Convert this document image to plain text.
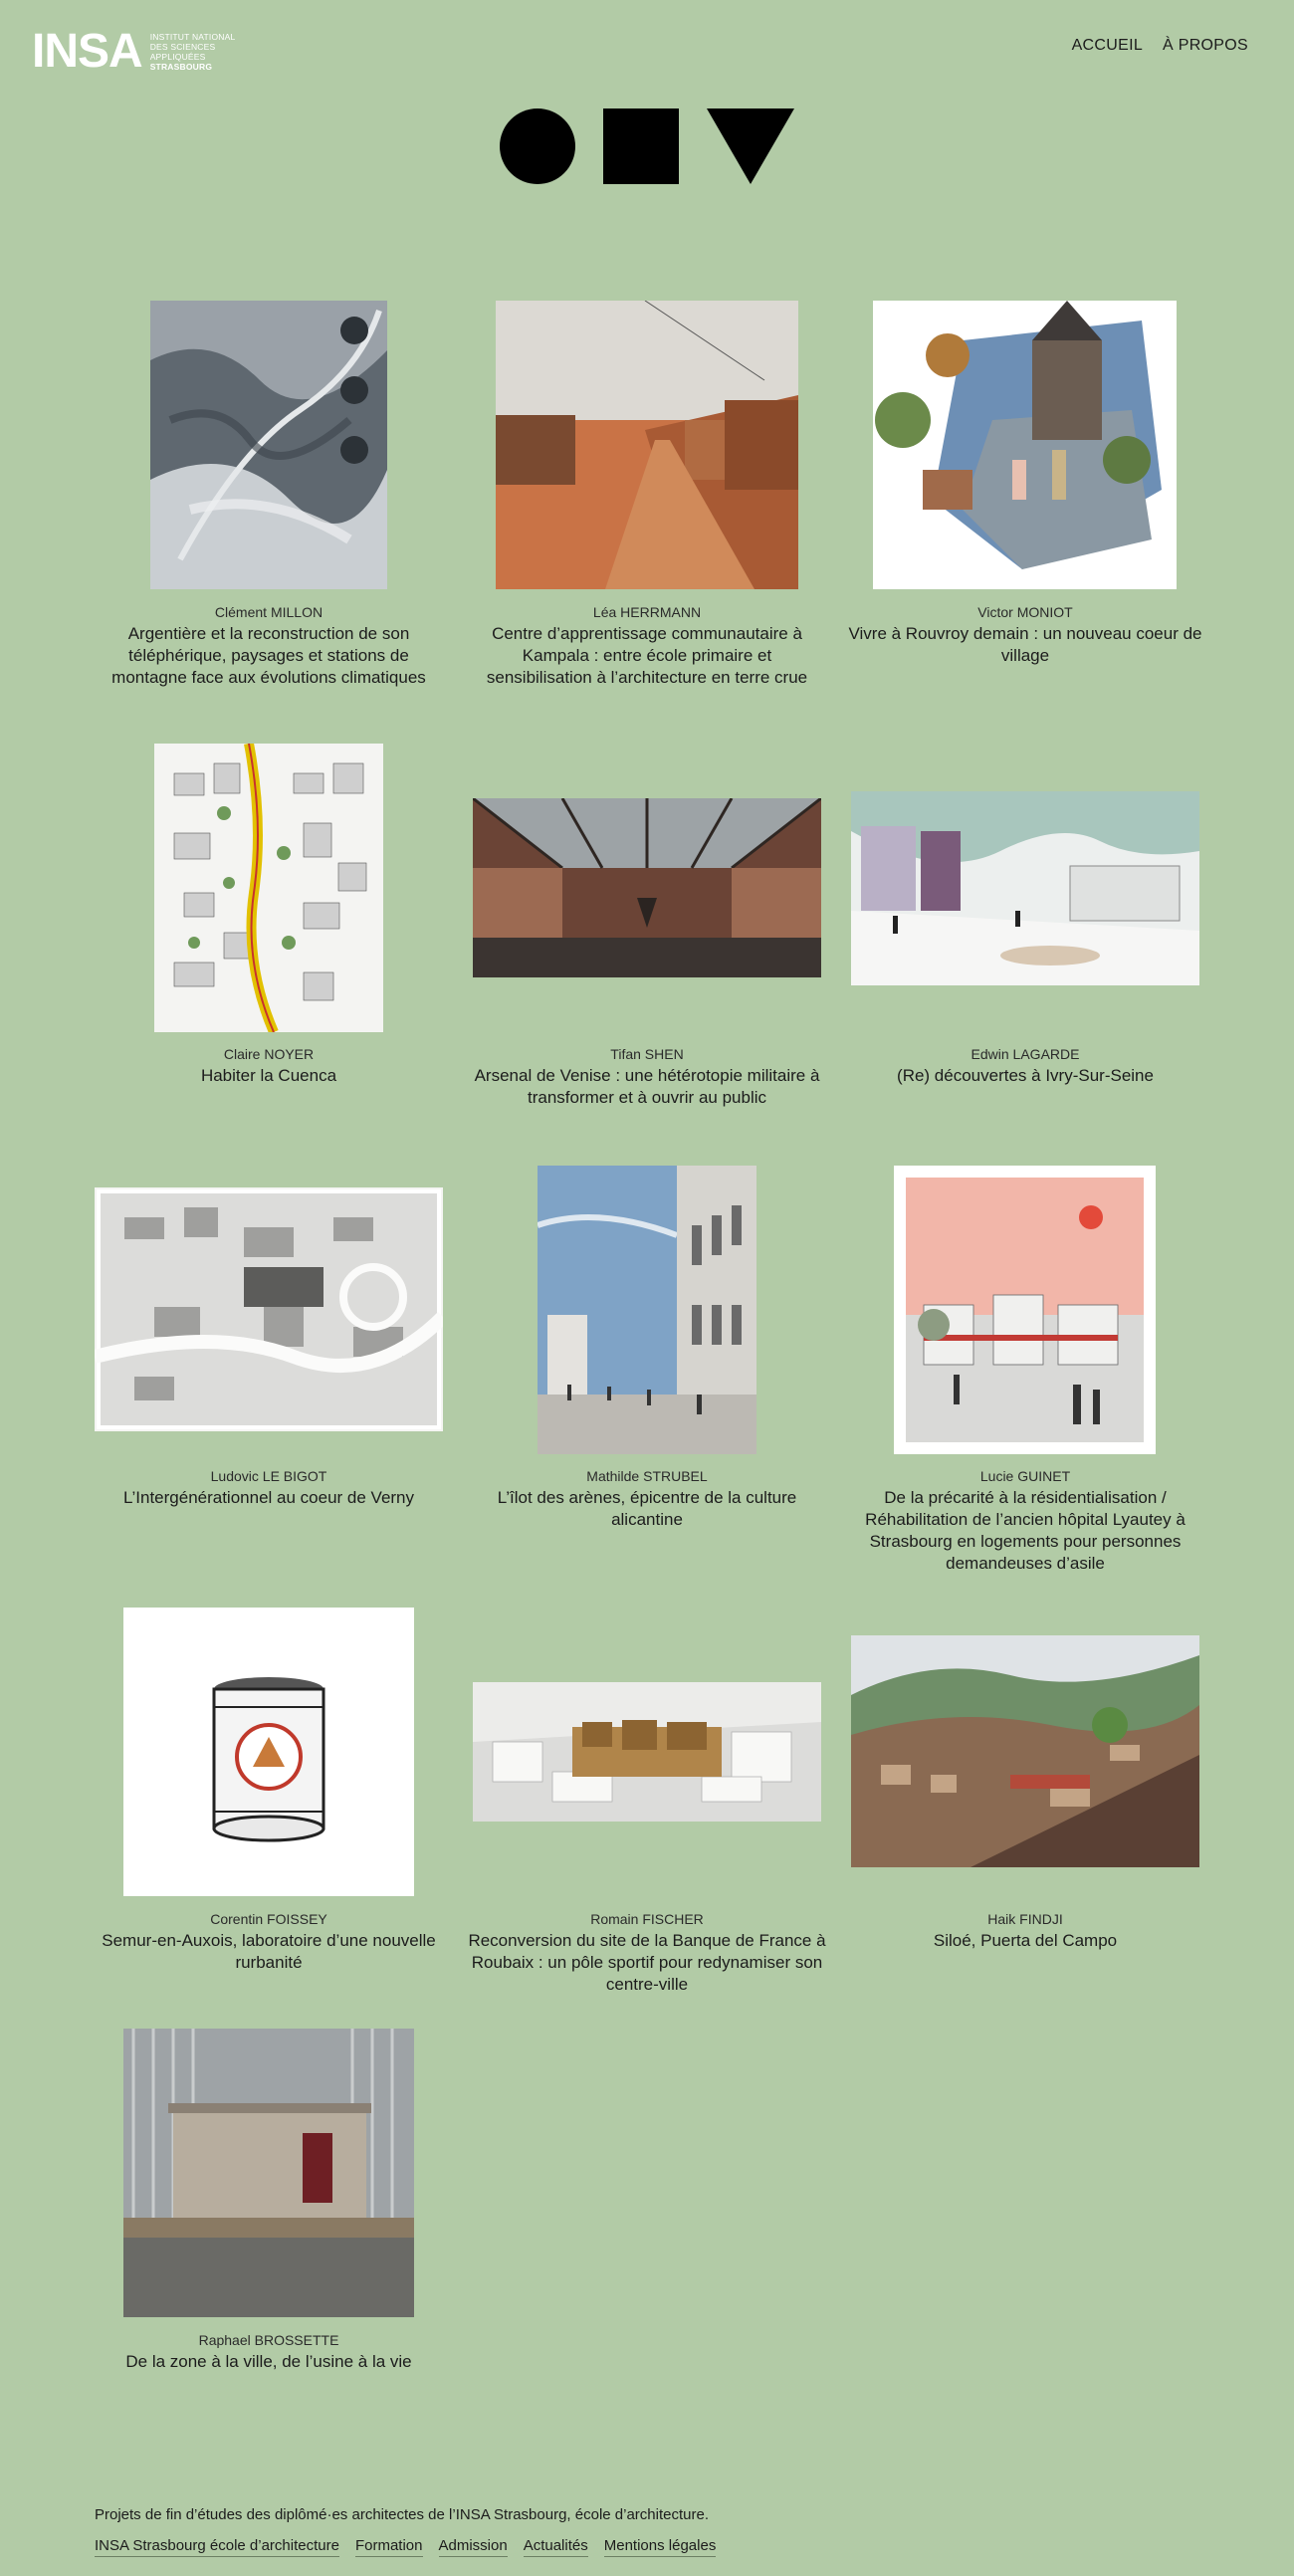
INSA INSTITUT NATIONAL
DES SCIENCES
APPLIQUÉES
STRASBOURG
ACCUEIL À PROPOS
Clément MILLON
Argentière et la reconstruction de son téléphérique, paysages et stations de montagne face aux évolutions climatiques
Léa HERRMANN
Centre d’apprentissage communautaire à Kampala : entre école primaire et sensibilisation à l’architecture en terre crue
Victor MONIOT
Vivre à Rouvroy demain : un nouveau coeur de village
Claire NOYER
Habiter la Cuenca
Tifan SHEN
Arsenal de Venise : une hétérotopie militaire à transformer et à ouvrir au public
Edwin LAGARDE
(Re) découvertes à Ivry-Sur-Seine
Ludovic LE BIGOT
L’Intergénérationnel au coeur de Verny
Mathilde STRUBEL
L’îlot des arènes, épicentre de la culture alicantine
Lucie GUINET
De la précarité à la résidentialisation / Réhabilitation de l’ancien hôpital Lyautey à Strasbourg en logements pour personnes demandeuses d’asile
Corentin FOISSEY
Semur-en-Auxois, laboratoire d’une nouvelle rurbanité
Romain FISCHER
Reconversion du site de la Banque de France à Roubaix : un pôle sportif pour redynamiser son centre-ville
Haik FINDJI
Siloé, Puerta del Campo
Raphael BROSSETTE
De la zone à la ville, de l’usine à la vie

Projets de fin d’études des diplômé·es architectes de l’INSA Strasbourg, école d’architecture.

INSA Strasbourg école d’architecture Formation Admission Actualités Mentions légales
